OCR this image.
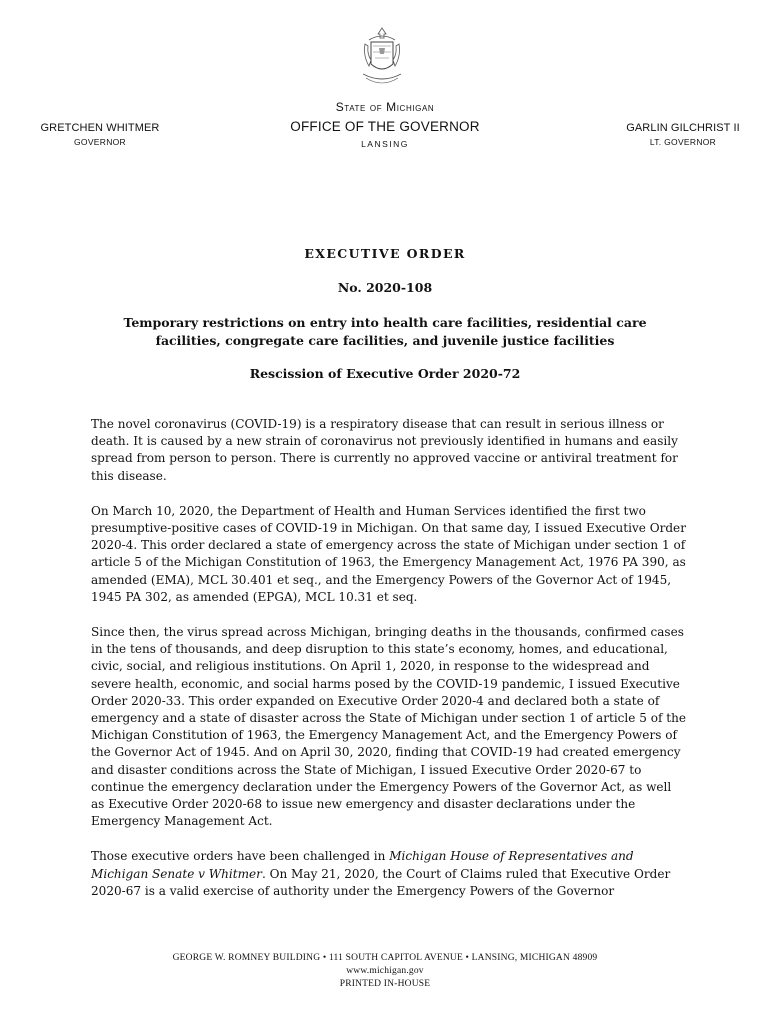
State of Michigan
OFFICE OF THE GOVERNOR
LANSING
GRETCHEN WHITMER
GOVERNOR
GARLIN GILCHRIST II
LT. GOVERNOR
EXECUTIVE ORDER
No. 2020-108
Temporary restrictions on entry into health care facilities, residential care facilities, congregate care facilities, and juvenile justice facilities
Rescission of Executive Order 2020-72

The novel coronavirus (COVID-19) is a respiratory disease that can result in serious illness or death. It is caused by a new strain of coronavirus not previously identified in humans and easily spread from person to person. There is currently no approved vaccine or antiviral treatment for this disease.

On March 10, 2020, the Department of Health and Human Services identified the first two presumptive-positive cases of COVID-19 in Michigan. On that same day, I issued Executive Order 2020-4. This order declared a state of emergency across the state of Michigan under section 1 of article 5 of the Michigan Constitution of 1963, the Emergency Management Act, 1976 PA 390, as amended (EMA), MCL 30.401 et seq., and the Emergency Powers of the Governor Act of 1945, 1945 PA 302, as amended (EPGA), MCL 10.31 et seq.

Since then, the virus spread across Michigan, bringing deaths in the thousands, confirmed cases in the tens of thousands, and deep disruption to this state’s economy, homes, and educational, civic, social, and religious institutions. On April 1, 2020, in response to the widespread and severe health, economic, and social harms posed by the COVID-19 pandemic, I issued Executive Order 2020-33. This order expanded on Executive Order 2020-4 and declared both a state of emergency and a state of disaster across the State of Michigan under section 1 of article 5 of the Michigan Constitution of 1963, the Emergency Management Act, and the Emergency Powers of the Governor Act of 1945. And on April 30, 2020, finding that COVID-19 had created emergency and disaster conditions across the State of Michigan, I issued Executive Order 2020-67 to continue the emergency declaration under the Emergency Powers of the Governor Act, as well as Executive Order 2020-68 to issue new emergency and disaster declarations under the Emergency Management Act.

Those executive orders have been challenged in Michigan House of Representatives and Michigan Senate v Whitmer. On May 21, 2020, the Court of Claims ruled that Executive Order 2020-67 is a valid exercise of authority under the Emergency Powers of the Governor

GEORGE W. ROMNEY BUILDING • 111 SOUTH CAPITOL AVENUE • LANSING, MICHIGAN 48909
www.michigan.gov
PRINTED IN-HOUSE
